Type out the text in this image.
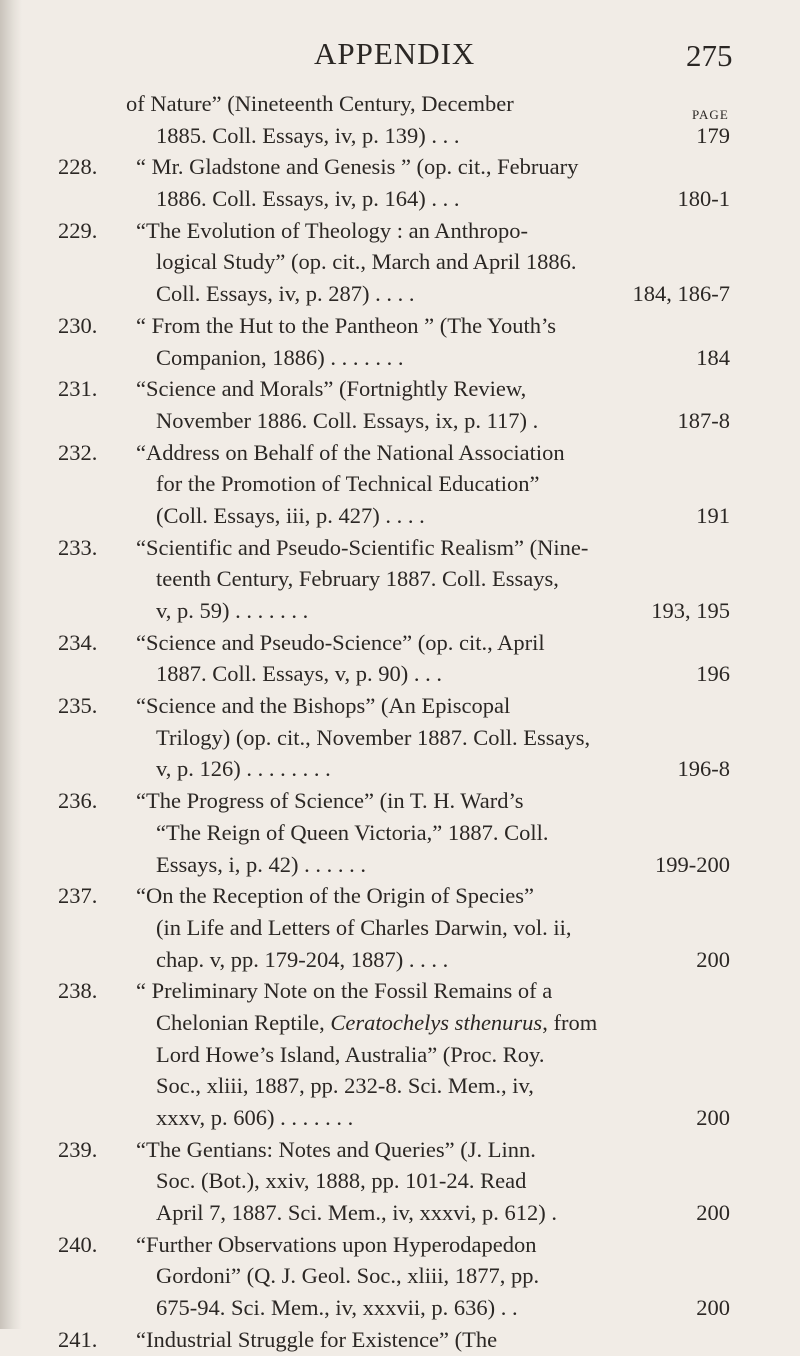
APPENDIX	275
PAGE
of Nature” (Nineteenth Century, December
1885. Coll. Essays, iv, p. 139) . . .	179
228. “ Mr. Gladstone and Genesis ” (op. cit., February
1886. Coll. Essays, iv, p. 164) . . .	180-1
229. “The Evolution of Theology : an Anthropo-
logical Study” (op. cit., March and April 1886.
Coll. Essays, iv, p. 287) . . . .	184, 186-7
230. “ From the Hut to the Pantheon ” (The Youth’s
Companion, 1886) . . . . . . .	184
231. “Science and Morals” (Fortnightly Review,
November 1886. Coll. Essays, ix, p. 117) .	187-8
232. “Address on Behalf of the National Association
for the Promotion of Technical Education”
(Coll. Essays, iii, p. 427) . . . .	191
233. “Scientific and Pseudo-Scientific Realism” (Nine-
teenth Century, February 1887. Coll. Essays,
v, p. 59) . . . . . . .	193, 195
234. “Science and Pseudo-Science” (op. cit., April
1887. Coll. Essays, v, p. 90) . . .	196
235. “Science and the Bishops” (An Episcopal
Trilogy) (op. cit., November 1887. Coll. Essays,
v, p. 126) . . . . . . . .	196-8
236. “The Progress of Science” (in T. H. Ward’s
“The Reign of Queen Victoria,” 1887. Coll.
Essays, i, p. 42) . . . . . .	199-200
237. “On the Reception of the Origin of Species”
(in Life and Letters of Charles Darwin, vol. ii,
chap. v, pp. 179-204, 1887) . . . .	200
238. “ Preliminary Note on the Fossil Remains of a
Chelonian Reptile, Ceratochelys sthenurus, from
Lord Howe’s Island, Australia” (Proc. Roy.
Soc., xliii, 1887, pp. 232-8. Sci. Mem., iv,
xxxv, p. 606) . . . . . . .	200
239. “The Gentians: Notes and Queries” (J. Linn.
Soc. (Bot.), xxiv, 1888, pp. 101-24. Read
April 7, 1887. Sci. Mem., iv, xxxvi, p. 612) .	200
240. “Further Observations upon Hyperodapedon
Gordoni” (Q. J. Geol. Soc., xliii, 1877, pp.
675-94. Sci. Mem., iv, xxxvii, p. 636) . .	200
241. “Industrial Struggle for Existence” (The
